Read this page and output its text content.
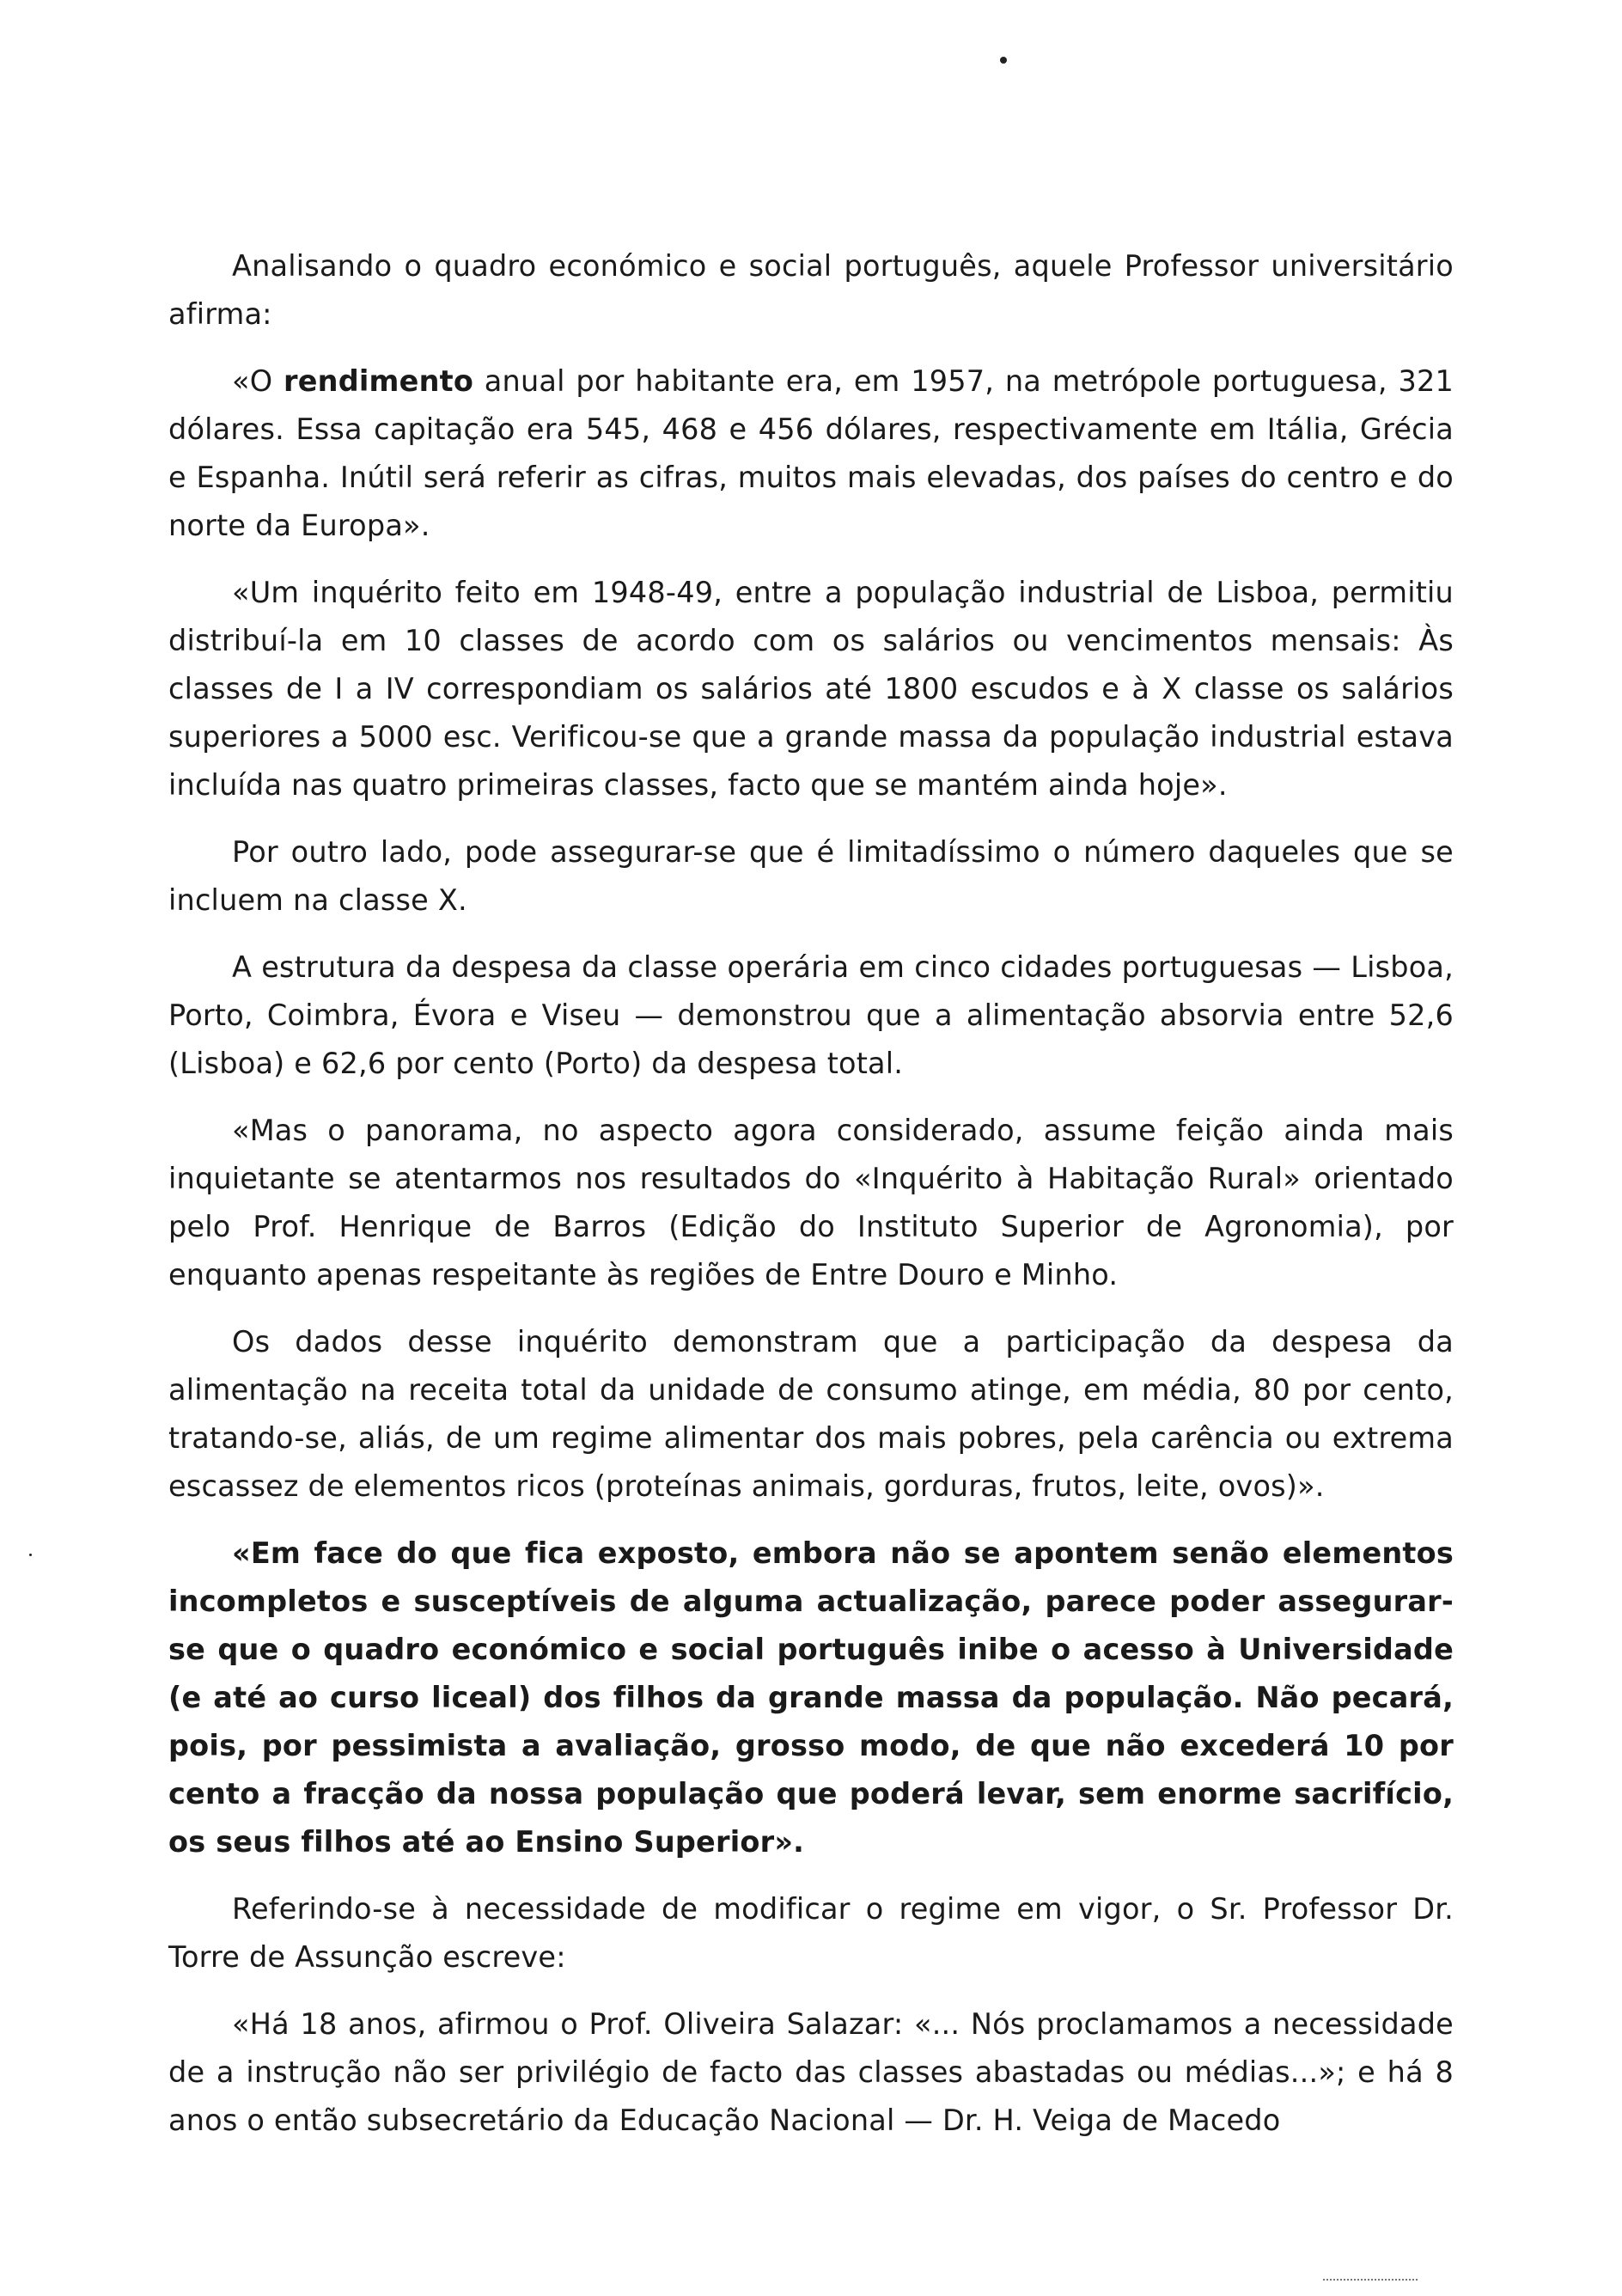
Analisando o quadro económico e social português, aquele Professor universitário afirma:

«O rendimento anual por habitante era, em 1957, na metrópole portuguesa, 321 dólares. Essa capitação era 545, 468 e 456 dólares, respectivamente em Itália, Grécia e Espanha. Inútil será referir as cifras, muitos mais elevadas, dos países do centro e do norte da Europa».

«Um inquérito feito em 1948-49, entre a população industrial de Lisboa, permitiu distribuí-la em 10 classes de acordo com os salários ou vencimentos mensais: Às classes de I a IV correspondiam os salários até 1800 escudos e à X classe os salários superiores a 5000 esc. Verificou-se que a grande massa da população industrial estava incluída nas quatro primeiras classes, facto que se mantém ainda hoje».

Por outro lado, pode assegurar-se que é limitadíssimo o número daqueles que se incluem na classe X.

A estrutura da despesa da classe operária em cinco cidades portuguesas — Lisboa, Porto, Coimbra, Évora e Viseu — demonstrou que a alimentação absorvia entre 52,6 (Lisboa) e 62,6 por cento (Porto) da despesa total.

«Mas o panorama, no aspecto agora considerado, assume feição ainda mais inquietante se atentarmos nos resultados do «Inquérito à Habitação Rural» orientado pelo Prof. Henrique de Barros (Edição do Instituto Superior de Agronomia), por enquanto apenas respeitante às regiões de Entre Douro e Minho.

Os dados desse inquérito demonstram que a participação da despesa da alimentação na receita total da unidade de consumo atinge, em média, 80 por cento, tratando-se, aliás, de um regime alimentar dos mais pobres, pela carência ou extrema escassez de elementos ricos (proteínas animais, gorduras, frutos, leite, ovos)».

«Em face do que fica exposto, embora não se apontem senão elementos incompletos e susceptíveis de alguma actualização, parece poder assegurar-se que o quadro económico e social português inibe o acesso à Universidade (e até ao curso liceal) dos filhos da grande massa da população. Não pecará, pois, por pessimista a avaliação, grosso modo, de que não excederá 10 por cento a fracção da nossa população que poderá levar, sem enorme sacrifício, os seus filhos até ao Ensino Superior».

Referindo-se à necessidade de modificar o regime em vigor, o Sr. Professor Dr. Torre de Assunção escreve:

«Há 18 anos, afirmou o Prof. Oliveira Salazar: «... Nós proclamamos a necessidade de a instrução não ser privilégio de facto das classes abastadas ou médias...»; e há 8 anos o então subsecretário da Educação Nacional — Dr. H. Veiga de Macedo
